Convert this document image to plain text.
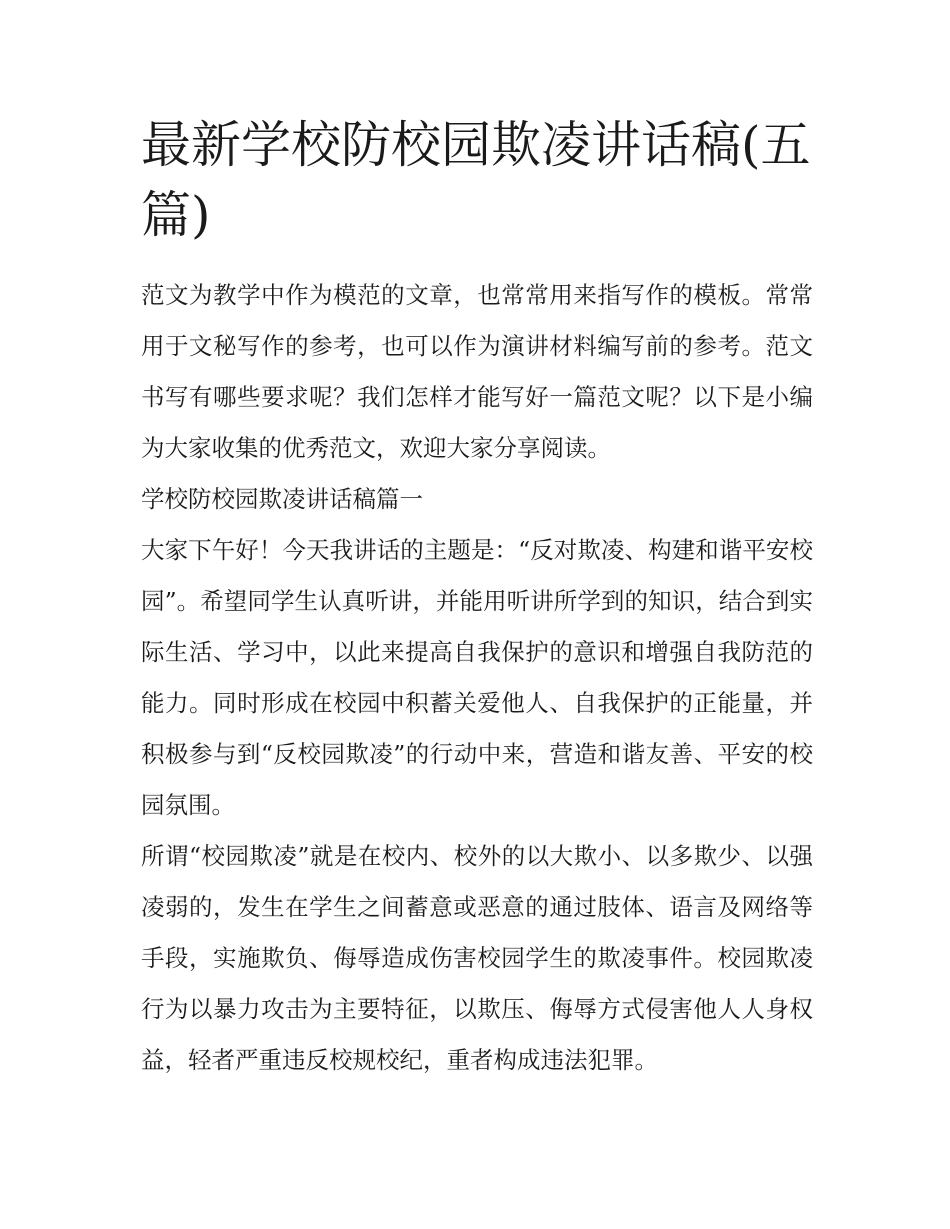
最新学校防校园欺凌讲话稿(五篇)

范文为教学中作为模范的文章，也常常用来指写作的模板。常常用于文秘写作的参考，也可以作为演讲材料编写前的参考。范文书写有哪些要求呢？我们怎样才能写好一篇范文呢？以下是小编为大家收集的优秀范文，欢迎大家分享阅读。

学校防校园欺凌讲话稿篇一

大家下午好！今天我讲话的主题是：“反对欺凌、构建和谐平安校园”。希望同学生认真听讲，并能用听讲所学到的知识，结合到实际生活、学习中，以此来提高自我保护的意识和增强自我防范的能力。同时形成在校园中积蓄关爱他人、自我保护的正能量，并积极参与到“反校园欺凌”的行动中来，营造和谐友善、平安的校园氛围。

所谓“校园欺凌”就是在校内、校外的以大欺小、以多欺少、以强凌弱的，发生在学生之间蓄意或恶意的通过肢体、语言及网络等手段，实施欺负、侮辱造成伤害校园学生的欺凌事件。校园欺凌行为以暴力攻击为主要特征，以欺压、侮辱方式侵害他人人身权益，轻者严重违反校规校纪，重者构成违法犯罪。
